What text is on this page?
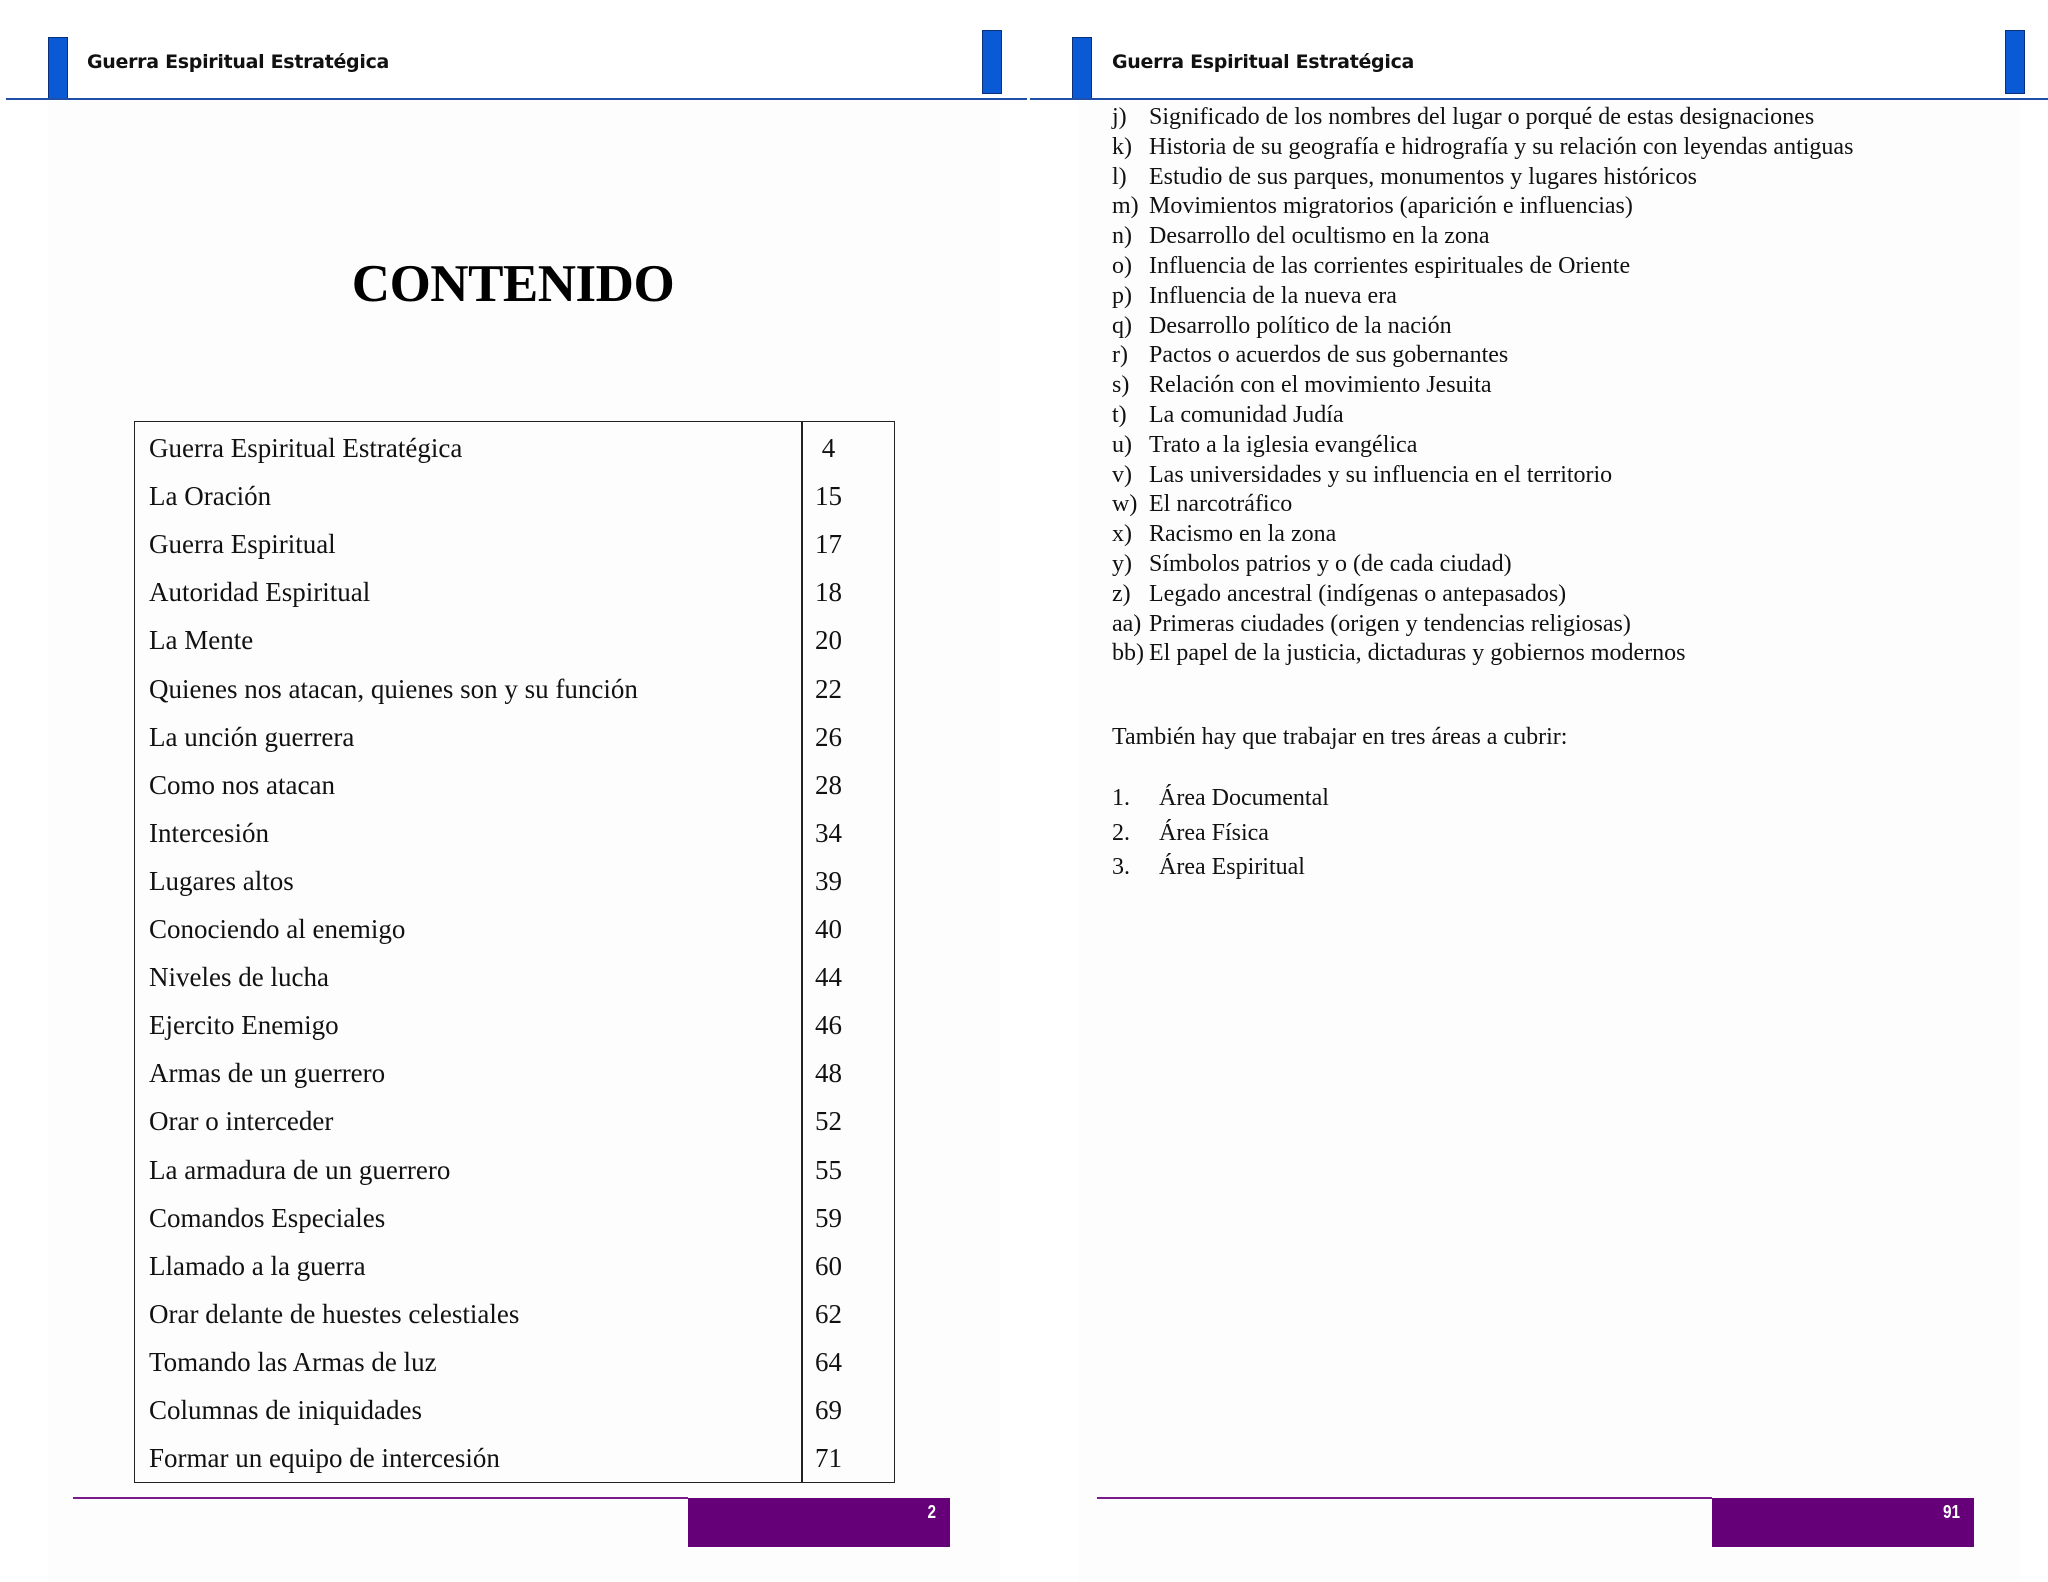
Guerra Espiritual Estratégica
CONTENIDO
Guerra Espiritual Estratégica	4
La Oración	15
Guerra Espiritual	17
Autoridad Espiritual	18
La Mente	20
Quienes nos atacan, quienes son y su función	22
La unción guerrera	26
Como nos atacan	28
Intercesión	34
Lugares altos	39
Conociendo al enemigo	40
Niveles de lucha	44
Ejercito Enemigo	46
Armas de un guerrero	48
Orar o interceder	52
La armadura de un guerrero	55
Comandos Especiales	59
Llamado a la guerra	60
Orar delante de huestes celestiales	62
Tomando las Armas de luz	64
Columnas de iniquidades	69
Formar un equipo de intercesión	71
2
Guerra Espiritual Estratégica
j) Significado de los nombres del lugar o porqué de estas designaciones
k) Historia de su geografía e hidrografía y su relación con leyendas antiguas
l) Estudio de sus parques, monumentos y lugares históricos
m) Movimientos migratorios (aparición e influencias)
n) Desarrollo del ocultismo en la zona
o) Influencia de las corrientes espirituales de Oriente
p) Influencia de la nueva era
q) Desarrollo político de la nación
r) Pactos o acuerdos de sus gobernantes
s) Relación con el movimiento Jesuita
t) La comunidad Judía
u) Trato a la iglesia evangélica
v) Las universidades y su influencia en el territorio
w) El narcotráfico
x) Racismo en la zona
y) Símbolos patrios y o (de cada ciudad)
z) Legado ancestral (indígenas o antepasados)
aa) Primeras ciudades (origen y tendencias religiosas)
bb) El papel de la justicia, dictaduras y gobiernos modernos
También hay que trabajar en tres áreas a cubrir:
1. Área Documental
2. Área Física
3. Área Espiritual
91
